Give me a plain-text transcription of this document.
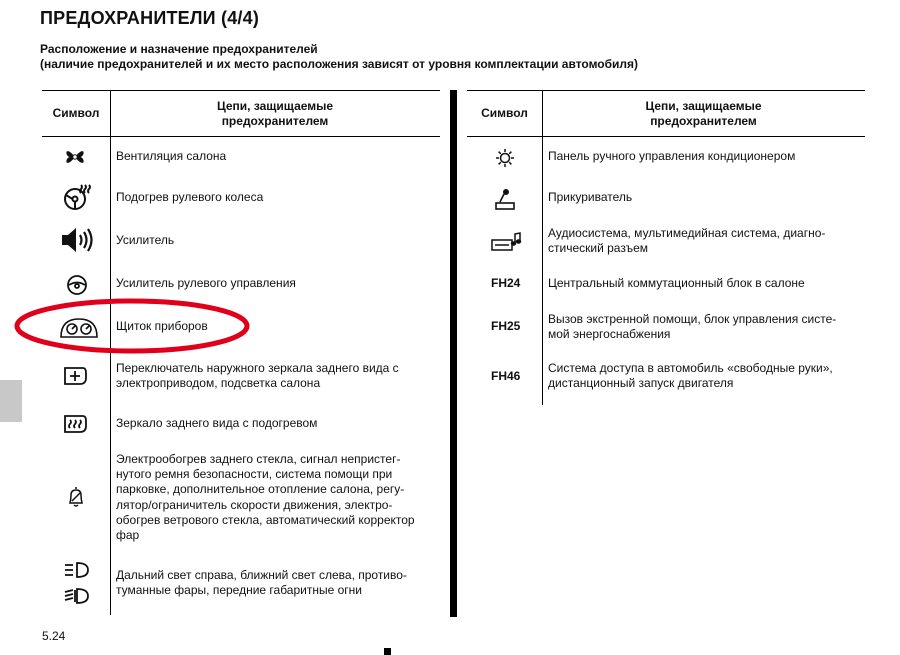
ПРЕДОХРАНИТЕЛИ (4/4)
Расположение и назначение предохранителей
(наличие предохранителей и их место расположения зависят от уровня комплектации автомобиля)
Символ	Цепи, защищаемые
предохранителем
Вентиляция салона
Подогрев рулевого колеса
Усилитель
Усилитель рулевого управления
Щиток приборов
Переключатель наружного зеркала заднего вида с
электроприводом, подсветка салона
Зеркало заднего вида с подогревом
Электрообогрев заднего стекла, сигнал непристег-
нутого ремня безопасности, система помощи при
парковке, дополнительное отопление салона, регу-
лятор/ограничитель скорости движения, электро-
обогрев ветрового стекла, автоматический корректор
фар
Дальний свет справа, ближний свет слева, противо-
туманные фары, передние габаритные огни
Символ	Цепи, защищаемые
предохранителем
Панель ручного управления кондиционером
Прикуриватель
Аудиосистема, мультимедийная система, диагно-
стический разъем
FH24 Центральный коммутационный блок в салоне
FH25 Вызов экстренной помощи, блок управления систе-
мой энергоснабжения
FH46
Система доступа в автомобиль «свободные руки»,
дистанционный запуск двигателя
5.24
